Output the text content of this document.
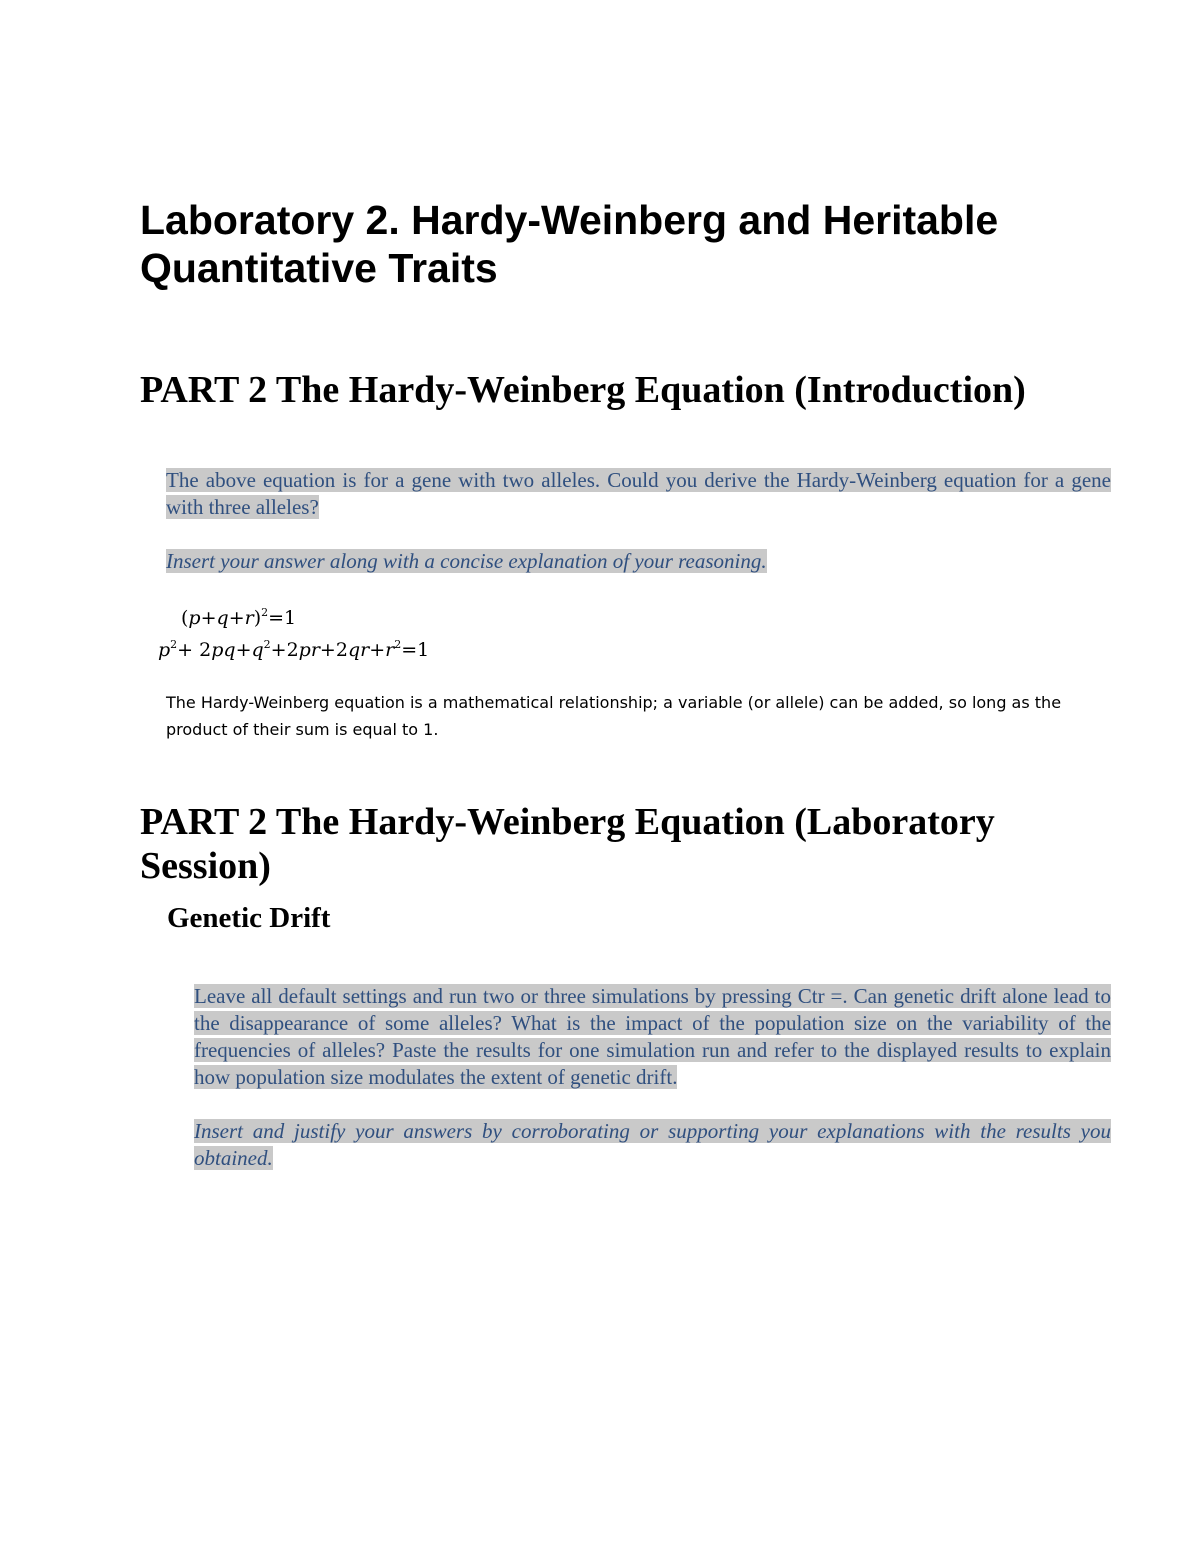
Laboratory 2. Hardy-Weinberg and Heritable
Quantitative Traits
PART 2 The Hardy-Weinberg Equation (Introduction)

The above equation is for a gene with two alleles. Could you derive the Hardy-Weinberg equation for a gene with three alleles?

Insert your answer along with a concise explanation of your reasoning.

$(p+q+r)^2=1$
$p^2+ 2pq+q^2+2pr+2qr+r^2=1$

The Hardy-Weinberg equation is a mathematical relationship; a variable (or allele) can be added, so long as the product of their sum is equal to 1.

PART 2 The Hardy-Weinberg Equation (Laboratory
Session)
Genetic Drift

Leave all default settings and run two or three simulations by pressing Ctr =. Can genetic drift alone lead to the disappearance of some alleles? What is the impact of the population size on the variability of the frequencies of alleles? Paste the results for one simulation run and refer to the displayed results to explain how population size modulates the extent of genetic drift.

Insert and justify your answers by corroborating or supporting your explanations with the results you obtained.
